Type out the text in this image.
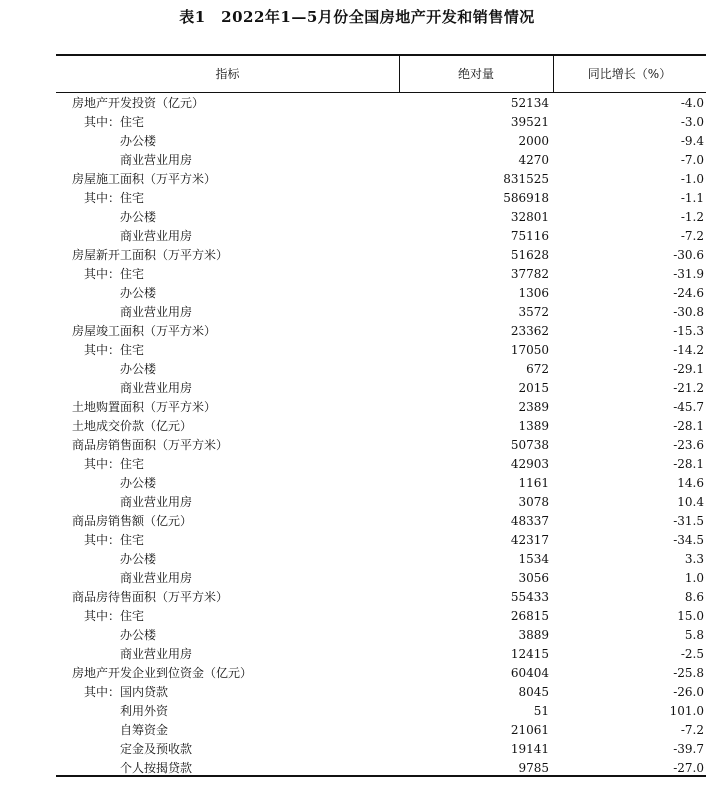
表1　2022年1—5月份全国房地产开发和销售情况
指标	绝对量	同比增长（%）
房地产开发投资（亿元）	52134	-4.0
其中：住宅	39521	-3.0
办公楼	2000	-9.4
商业营业用房	4270	-7.0
房屋施工面积（万平方米）	831525	-1.0
其中：住宅	586918	-1.1
办公楼	32801	-1.2
商业营业用房	75116	-7.2
房屋新开工面积（万平方米）	51628	-30.6
其中：住宅	37782	-31.9
办公楼	1306	-24.6
商业营业用房	3572	-30.8
房屋竣工面积（万平方米）	23362	-15.3
其中：住宅	17050	-14.2
办公楼	672	-29.1
商业营业用房	2015	-21.2
土地购置面积（万平方米）	2389	-45.7
土地成交价款（亿元）	1389	-28.1
商品房销售面积（万平方米）	50738	-23.6
其中：住宅	42903	-28.1
办公楼	1161	14.6
商业营业用房	3078	10.4
商品房销售额（亿元）	48337	-31.5
其中：住宅	42317	-34.5
办公楼	1534	3.3
商业营业用房	3056	1.0
商品房待售面积（万平方米）	55433	8.6
其中：住宅	26815	15.0
办公楼	3889	5.8
商业营业用房	12415	-2.5
房地产开发企业到位资金（亿元）	60404	-25.8
其中：国内贷款	8045	-26.0
利用外资	51	101.0
自筹资金	21061	-7.2
定金及预收款	19141	-39.7
个人按揭贷款	9785	-27.0
